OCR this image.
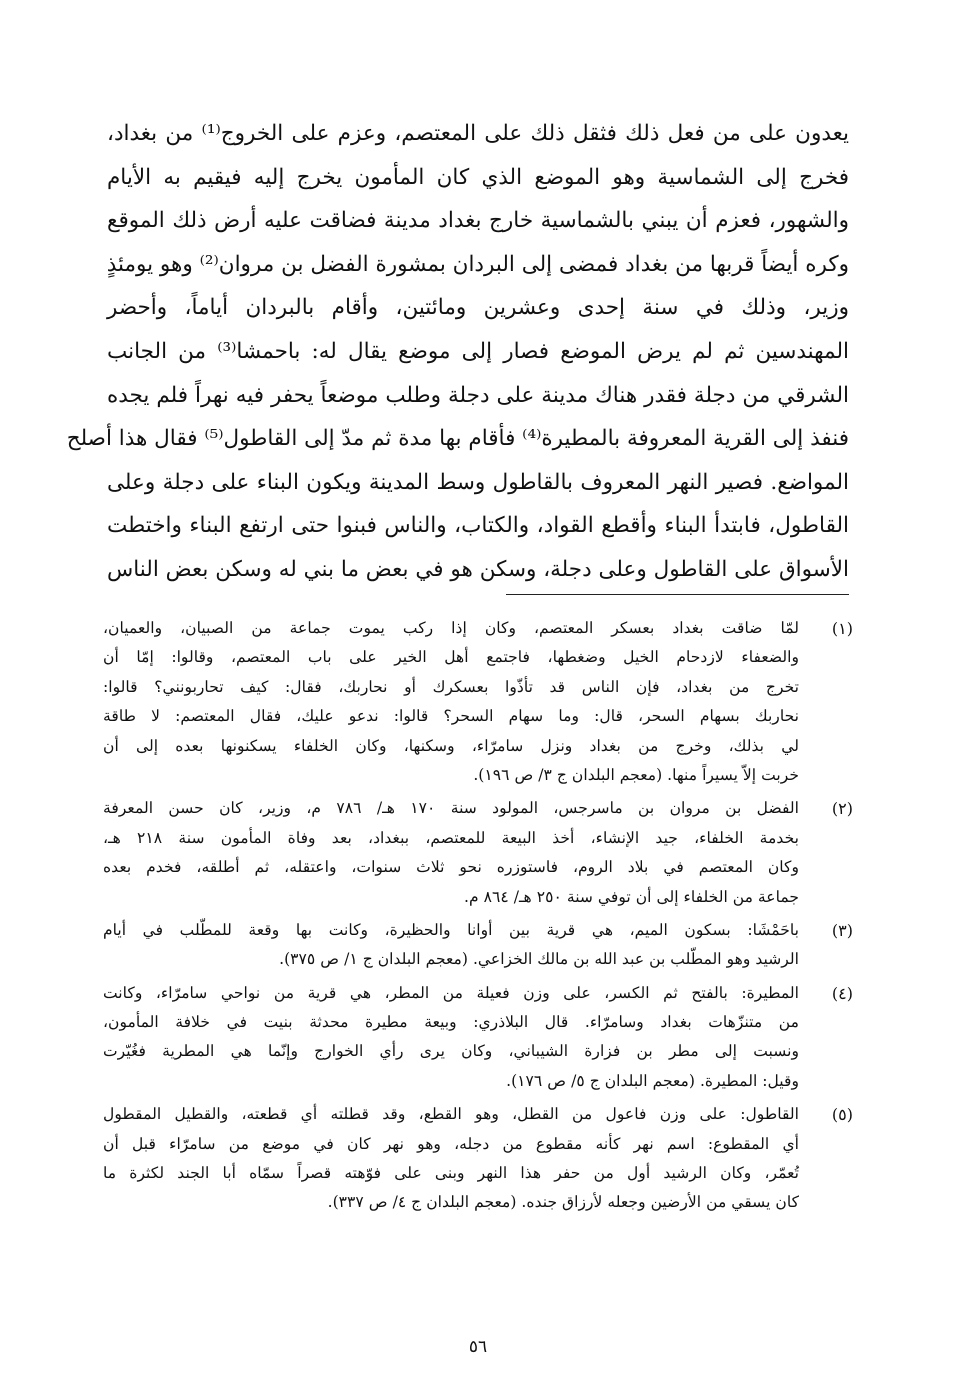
يعدون على من فعل ذلك فثقل ذلك على المعتصم، وعزم على الخروج⁽¹⁾ من بغداد،
فخرج إلى الشماسية وهو الموضع الذي كان المأمون يخرج إليه فيقيم به الأيام
والشهور، فعزم أن يبني بالشماسية خارج بغداد مدينة فضاقت عليه أرض ذلك الموقع
وكره أيضاً قربها من بغداد فمضى إلى البردان بمشورة الفضل بن مروان⁽²⁾ وهو يومئذٍ
وزير، وذلك في سنة إحدى وعشرين ومائتين، وأقام بالبردان أياماً، وأحضر
المهندسين ثم لم يرض الموضع فصار إلى موضع يقال له: باحمشا⁽³⁾ من الجانب
الشرقي من دجلة فقدر هناك مدينة على دجلة وطلب موضعاً يحفر فيه نهراً فلم يجده
فنفذ إلى القرية المعروفة بالمطيرة⁽⁴⁾ فأقام بها مدة ثم مدّ إلى القاطول⁽⁵⁾ فقال هذا أصلح
المواضع. فصير النهر المعروف بالقاطول وسط المدينة ويكون البناء على دجلة وعلى
القاطول، فابتدأ البناء وأقطع القواد، والكتاب، والناس فبنوا حتى ارتفع البناء واختطت
الأسواق على القاطول وعلى دجلة، وسكن هو في بعض ما بني له وسكن بعض الناس
(١)
لمّا ضاقت بغداد بعسكر المعتصم، وكان إذا ركب يموت جماعة من الصبيان، والعميان،
والضعفاء لازدحام الخيل وضغطها، فاجتمع أهل الخير على باب المعتصم، وقالوا: إمّا أن
تخرج من بغداد، فإن الناس قد تأذّوا بعسكرك أو نحاربك، فقال: كيف تحاربونني؟ قالوا:
نحاربك بسهام السحر، قال: وما سهام السحر؟ قالوا: ندعو عليك، فقال المعتصم: لا طاقة
لي بذلك، وخرج من بغداد ونزل سامرّاء، وسكنها، وكان الخلفاء يسكنونها بعده إلى أن
خربت إلاّ يسيراً منها. (معجم البلدان ج ٣/ ص ١٩٦).
(٢)
الفضل بن مروان بن ماسرجس، المولود سنة ١٧٠ هـ/ ٧٨٦ م، وزير، كان حسن المعرفة
بخدمة الخلفاء، جيد الإنشاء، أخذ البيعة للمعتصم، ببغداد، بعد وفاة المأمون سنة ٢١٨ هـ،
وكان المعتصم في بلاد الروم، فاستوزره نحو ثلاث سنوات، واعتقله، ثم أطلقه، فخدم بعده
جماعة من الخلفاء إلى أن توفي سنة ٢٥٠ هـ/ ٨٦٤ م.
(٣)
باحَمْشَا: بسكون الميم، هي قرية بين أوانا والحظيرة، وكانت بها وقعة للمطّلب في أيام
الرشيد وهو المطّلب بن عبد الله بن مالك الخزاعي. (معجم البلدان ج ١/ ص ٣٧٥).
(٤)
المطيرة: بالفتح ثم الكسر، على وزن فعيلة من المطر، هي قرية من نواحي سامرّاء، وكانت
من متنزّهات بغداد وسامرّاء. قال البلاذري: وبيعة مطيرة محدثة بنيت في خلافة المأمون،
ونسبت إلى مطر بن فزارة الشيباني، وكان يرى رأي الخوارج وإنّما هي المطرية فغُيّرت
وقيل: المطيرة. (معجم البلدان ج ٥/ ص ١٧٦).
(٥)
القاطول: على وزن فاعول من القطل، وهو القطع، وقد قطلته أي قطعته، والقطيل المقطول
أي المقطوع: اسم نهر كأنه مقطوع من دجله، وهو نهر كان في موضع من سامرّاء قبل أن
تُعمّر، وكان الرشيد أول من حفر هذا النهر وبنى على فوّهته قصراً سمّاه أبا الجند لكثرة ما
كان يسقي من الأرضين وجعله لأرزاق جنده. (معجم البلدان ج ٤/ ص ٣٣٧).
٥٦
